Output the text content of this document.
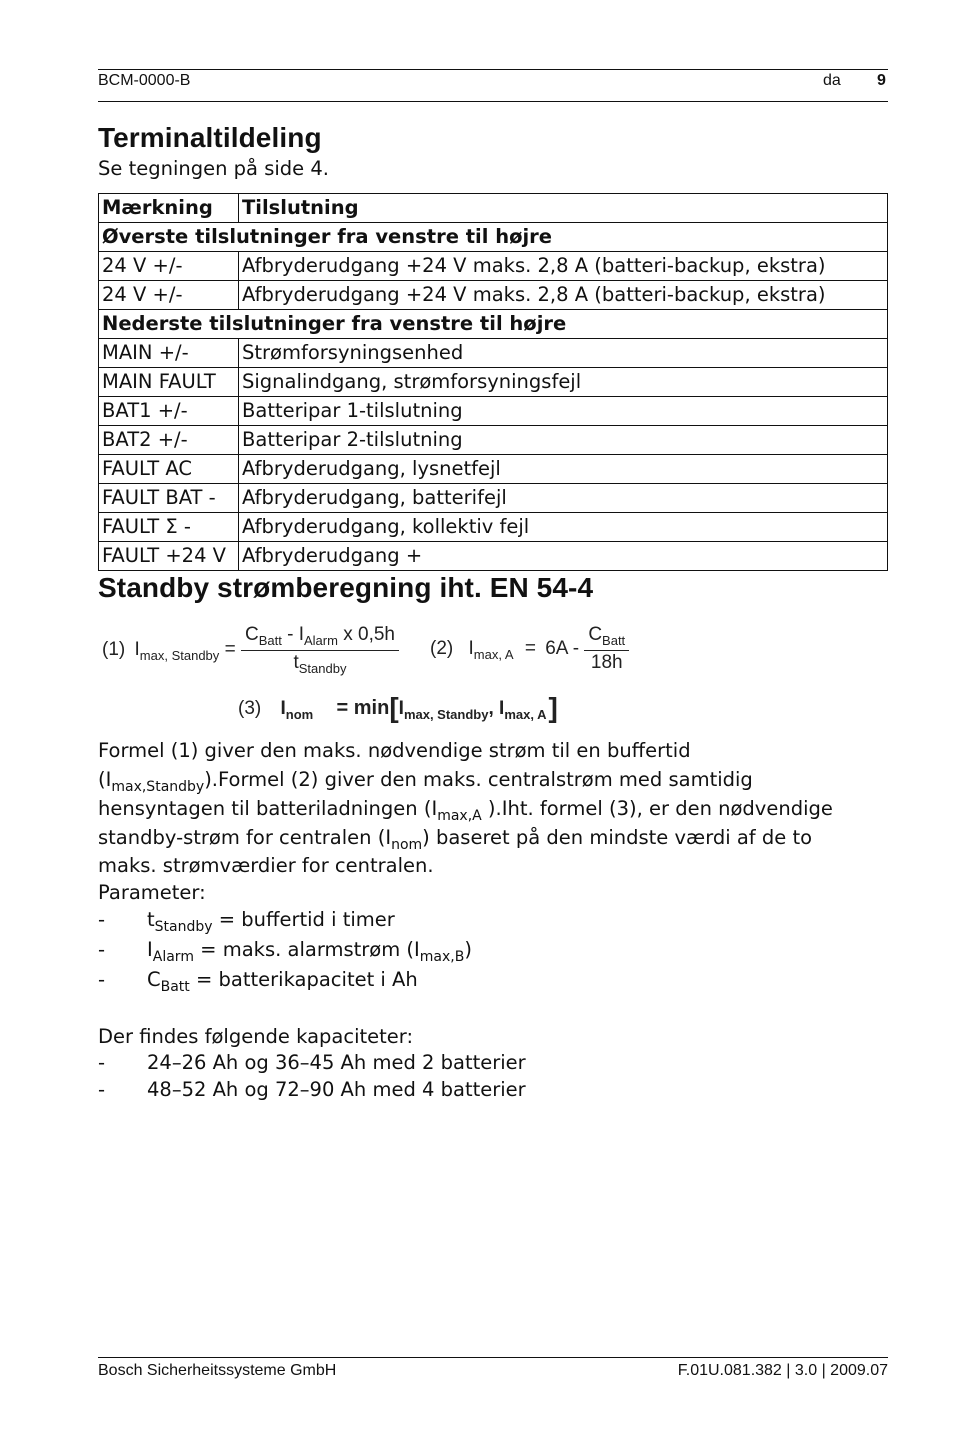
BCM-0000-B	da 9
Terminaltildeling
Se tegningen på side 4.
Mærkning	Tilslutning
Øverste tilslutninger fra venstre til højre	
24 V +/-	Afbryderudgang +24 V maks. 2,8 A (batteri-backup, ekstra)
24 V +/-	Afbryderudgang +24 V maks. 2,8 A (batteri-backup, ekstra)
Nederste tilslutninger fra venstre til højre	
MAIN +/-	Strømforsyningsenhed
MAIN FAULT	Signalindgang, strømforsyningsfejl
BAT1 +/-	Batteripar 1-tilslutning
BAT2 +/-	Batteripar 2-tilslutning
FAULT AC	Afbryderudgang, lysnetfejl
FAULT BAT -	Afbryderudgang, batterifejl
FAULT Σ -	Afbryderudgang, kollektiv fejl
FAULT +24 V	Afbryderudgang +
Standby strømberegning iht. EN 54-4
(1) $I_{max, Standby} = \frac{C_{Batt} - I_{Alarm} x 0,5h}{t_{Standby}} (2) I_{max, A} = 6A - \frac{C_{Batt}}{18h}$
(3) $I_{nom} = \min[I_{max, Standby}$, $I_{max, A}$]
Formel (1) giver den maks. nødvendige strøm til en buffertid
$(I_{max,Standby}).Formel$ (2) giver den maks. centralstrøm med samtidig
hensyntagen til batteriladningen ($I_{max,A}$ ).Iht. formel (3), er den nødvendige
standby-strøm for centralen $(I_{nom})$ baseret på den mindste værdi af de to
maks. strømværdier for centralen.
Parameter:
- $t_{Standby}$ = buffertid i timer
- $I_{Alarm}$ = maks. alarmstrøm $(I_{max,B})$
- $C_{Batt}$ = batterikapacitet i Ah
Der findes følgende kapaciteter:
- 24–26 Ah og 36–45 Ah med 2 batterier
- 48–52 Ah og 72–90 Ah med 4 batterier
Bosch Sicherheitssysteme GmbH	F.01U.081.382 | 3.0 | 2009.07
